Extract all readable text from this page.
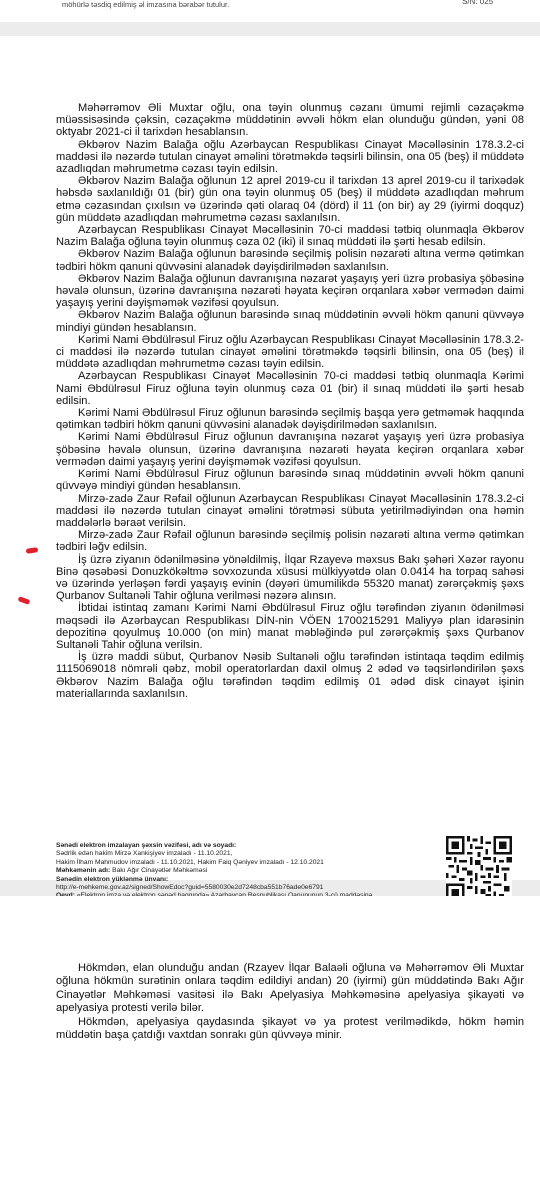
möhürlə təsdiq edilmiş əl imzasına bərabər tutulur.	S/N: 025

Məhərrəmov Əli Muxtar oğlu, ona təyin olunmuş cəzanı ümumi rejimli cəzaçəkmə müəssisəsində çəksin, cəzaçəkmə müddətinin əvvəli hökm elan olunduğu gündən, yəni 08 oktyabr 2021-ci il tarixdən hesablansın.

Əkbərov Nazim Balağa oğlu Azərbaycan Respublikası Cinayət Məcəlləsinin 178.3.2-ci maddəsi ilə nəzərdə tutulan cinayət əməlini törətməkdə təqsirli bilinsin, ona 05 (beş) il müddətə azadlıqdan məhrumetmə cəzası təyin edilsin.

Əkbərov Nazim Balağa oğlunun 12 aprel 2019-cu il tarixdən 13 aprel 2019-cu il tarixədək həbsdə saxlanıldığı 01 (bir) gün ona təyin olunmuş 05 (beş) il müddətə azadlıqdan məhrum etmə cəzasından çıxılsın və üzərində qəti olaraq 04 (dörd) il 11 (on bir) ay 29 (iyirmi doqquz) gün müddətə azadlıqdan məhrumetmə cəzası saxlanılsın.

Azərbaycan Respublikası Cinayət Məcəlləsinin 70-ci maddəsi tətbiq olunmaqla Əkbərov Nazim Balağa oğluna təyin olunmuş cəza 02 (iki) il sınaq müddəti ilə şərti hesab edilsin.

Əkbərov Nazim Balağa oğlunun barəsində seçilmiş polisin nəzarəti altına vermə qətimkan tədbiri hökm qanuni qüvvəsini alanadək dəyişdirilmədən saxlanılsın.

Əkbərov Nazim Balağa oğlunun davranışına nəzarət yaşayış yeri üzrə probasiya şöbəsinə həvalə olunsun, üzərinə davranışına nəzarəti həyata keçirən orqanlara xəbər vermədən daimi yaşayış yerini dəyişməmək vəzifəsi qoyulsun.

Əkbərov Nazim Balağa oğlunun barəsində sınaq müddətinin əvvəli hökm qanuni qüvvəyə mindiyi gündən hesablansın.

Kərimi Nami Əbdülrəsul Firuz oğlu Azərbaycan Respublikası Cinayət Məcəlləsinin 178.3.2-ci maddəsi ilə nəzərdə tutulan cinayət əməlini törətməkdə təqsirli bilinsin, ona 05 (beş) il müddətə azadlıqdan məhrumetmə cəzası təyin edilsin.

Azərbaycan Respublikası Cinayət Məcəlləsinin 70-ci maddəsi tətbiq olunmaqla Kərimi Nami Əbdülrəsul Firuz oğluna təyin olunmuş cəza 01 (bir) il sınaq müddəti ilə şərti hesab edilsin.

Kərimi Nami Əbdülrəsul Firuz oğlunun barəsində seçilmiş başqa yerə getməmək haqqında qətimkan tədbiri hökm qanuni qüvvəsini alanadək dəyişdirilmədən saxlanılsın.

Kərimi Nami Əbdülrəsul Firuz oğlunun davranışına nəzarət yaşayış yeri üzrə probasiya şöbəsinə həvalə olunsun, üzərinə davranışına nəzarəti həyata keçirən orqanlara xəbər vermədən daimi yaşayış yerini dəyişməmək vəzifəsi qoyulsun.

Kərimi Nami Əbdülrəsul Firuz oğlunun barəsində sınaq müddətinin əvvəli hökm qanuni qüvvəyə mindiyi gündən hesablansın.

Mirzə-zadə Zaur Rəfail oğlunun Azərbaycan Respublikası Cinayət Məcəlləsinin 178.3.2-ci maddəsi ilə nəzərdə tutulan cinayət əməlini törətməsi sübuta yetirilmədiyindən ona həmin maddələrlə bəraət verilsin.

Mirzə-zadə Zaur Rəfail oğlunun barəsində seçilmiş polisin nəzarəti altına vermə qətimkan tədbiri ləğv edilsin.

İş üzrə ziyanın ödənilməsinə yönəldilmiş, İlqar Rzayevə məxsus Bakı şəhəri Xəzər rayonu Binə qəsəbəsi Donuzkökəltmə sovxozunda xüsusi mülkiyyətdə olan 0.0414 ha torpaq sahəsi və üzərində yerləşən fərdi yaşayış evinin (dəyəri ümumilikdə 55320 manat) zərərçəkmiş şəxs Qurbanov Sultanəli Tahir oğluna verilməsi nəzərə alınsın.

İbtidai istintaq zamanı Kərimi Nami Əbdülrəsul Firuz oğlu tərəfindən ziyanın ödənilməsi məqsədi ilə Azərbaycan Respublikası DİN-nin VÖEN 1700215291 Maliyyə plan idarəsinin depozitinə qoyulmuş 10.000 (on min) manat məbləğində pul zərərçəkmiş şəxs Qurbanov Sultanəli Tahir oğluna verilsin.

İş üzrə maddi sübut, Qurbanov Nəsib Sultanəli oğlu tərəfindən istintaqa təqdim edilmiş 1115069018 nömrəli qəbz, mobil operatorlardan daxil olmuş 2 ədəd və təqsirləndirilən şəxs Əkbərov Nazim Balağa oğlu tərəfindən təqdim edilmiş 01 ədəd disk cinayət işinin materiallarında saxlanılsın.

Sənədi elektron imzalayan şəxsin vəzifəsi, adı və soyadı:
Sədrlik edən hakim Mirzə Xankişiyev imzaladı - 11.10.2021,
Hakim İlham Mahmudov imzaladı - 11.10.2021, Hakim Faiq Qəniyev imzaladı - 12.10.2021
Məhkəmənin adı: Bakı Ağır Cinayətlər Məhkəməsi
Sənədin elektron yüklənmə ünvanı:
http://e-mehkeme.gov.az/signed/ShowEdoc?guid=5580030e2d7248cba551b76ade0e6791

Hökmdən, elan olunduğu andan (Rzayev İlqar Balaəli oğluna və Məhərrəmov Əli Muxtar oğluna hökmün surətinin onlara təqdim edildiyi andan) 20 (iyirmi) gün müddətində Bakı Ağır Cinayətlər Məhkəməsi vasitəsi ilə Bakı Apelyasiya Məhkəməsinə apelyasiya şikayəti və apelyasiya protesti verilə bilər.

Hökmdən, apelyasiya qaydasında şikayət və ya protest verilmədikdə, hökm həmin müddətin başa çatdığı vaxtdan sonrakı gün qüvvəyə minir.
